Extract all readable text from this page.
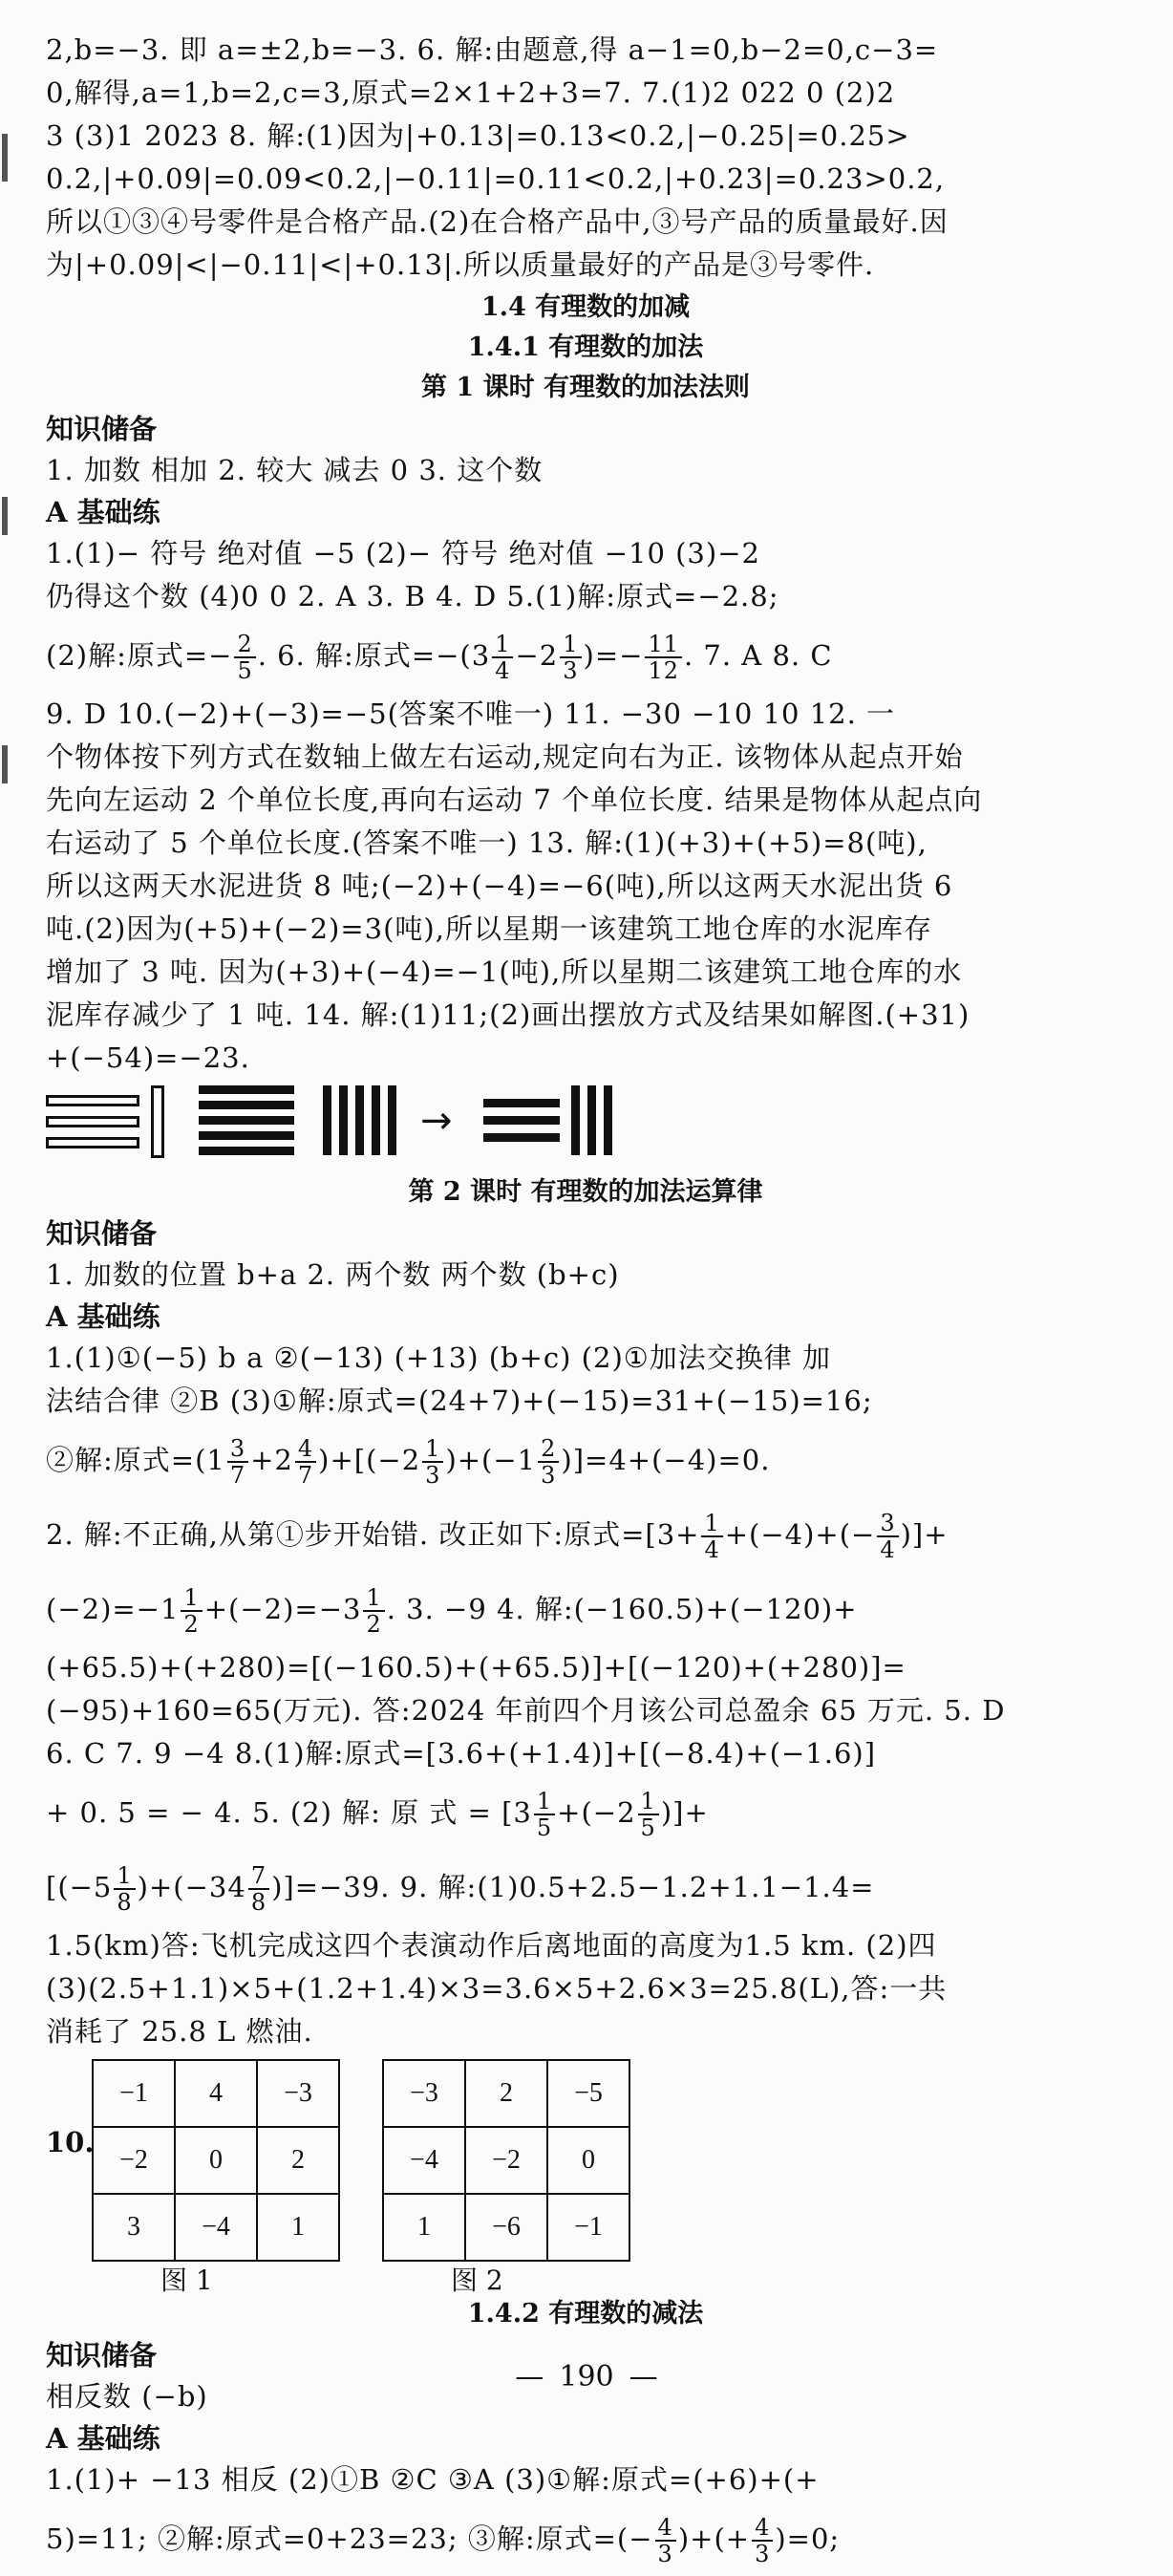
2,b=−3. 即 a=±2,b=−3. 6. 解:由题意,得 a−1=0,b−2=0,c−3=

0,解得,a=1,b=2,c=3,原式=2×1+2+3=7. 7.(1)2 022 0 (2)2

3 (3)1 2023 8. 解:(1)因为|+0.13|=0.13<0.2,|−0.25|=0.25>

0.2,|+0.09|=0.09<0.2,|−0.11|=0.11<0.2,|+0.23|=0.23>0.2,

所以①③④号零件是合格产品.(2)在合格产品中,③号产品的质量最好.因

为|+0.09|<|−0.11|<|+0.13|.所以质量最好的产品是③号零件.

1.4 有理数的加减
1.4.1 有理数的加法
第 1 课时 有理数的加法法则

知识储备

1. 加数 相加 2. 较大 减去 0 3. 这个数

A 基础练

1.(1)− 符号 绝对值 −5 (2)− 符号 绝对值 −10 (3)−2

仍得这个数 (4)0 0 2. A 3. B 4. D 5.(1)解:原式=−2.8;

(2)解:原式=− $\frac{2}{5}$ . 6. 解:原式$=-(3 \frac{1}{4} -2 \frac{1}{3}$ )=− $\frac{11}{12}$ . 7. A 8. C

9. D 10.(−2)+(−3)=−5(答案不唯一) 11. −30 −10 10 12. 一

个物体按下列方式在数轴上做左右运动,规定向右为正. 该物体从起点开始

先向左运动 2 个单位长度,再向右运动 7 个单位长度. 结果是物体从起点向

右运动了 5 个单位长度.(答案不唯一) 13. 解:(1)(+3)+(+5)=8(吨),

所以这两天水泥进货 8 吨;(−2)+(−4)=−6(吨),所以这两天水泥出货 6

吨.(2)因为(+5)+(−2)=3(吨),所以星期一该建筑工地仓库的水泥库存

增加了 3 吨. 因为(+3)+(−4)=−1(吨),所以星期二该建筑工地仓库的水

泥库存减少了 1 吨. 14. 解:(1)11;(2)画出摆放方式及结果如解图.(+31)

+(−54)=−23.

→
第 2 课时 有理数的加法运算律

知识储备

1. 加数的位置 b+a 2. 两个数 两个数 (b+c)

A 基础练

1.(1)①(−5) b a ②(−13) (+13) (b+c) (2)①加法交换律 加

法结合律 ②B (3)①解:原式=(24+7)+(−15)=31+(−15)=16;

②解:原式$=(1 \frac{3}{7} +2 \frac{4}{7} )+[(-2 \frac{1}{3} )+(-1 \frac{2}{3} )]=4+(-4)=0$.

2. 解:不正确,从第①步开始错. 改正如下:原式$=[3+ \frac{1}{4} +(-4)+(- \frac{3}{4}$ )]+

$(-2)=-1 \frac{1}{2} +(-2)=-3 \frac{1}{2}$ . 3. −9 4. 解:(−160.5)+(−120)+

(+65.5)+(+280)=[(−160.5)+(+65.5)]+[(−120)+(+280)]=

(−95)+160=65(万元). 答:2024 年前四个月该公司总盈余 65 万元. 5. D

6. C 7. 9 −4 8.(1)解:原式=[3.6+(+1.4)]+[(−8.4)+(−1.6)]

+ 0. 5 = − 4. 5. (2) 解: 原 式 = [$3 \frac{1}{5} +(-2 \frac{1}{5}$ )]+

$[(-5 \frac{1}{8} )+(-34 \frac{7}{8} )]=-39$. 9. 解:(1)0.5+2.5−1.2+1.1−1.4=

1.5(km)答:飞机完成这四个表演动作后离地面的高度为1.5 km. (2)四

(3)(2.5+1.1)×5+(1.2+1.4)×3=3.6×5+2.6×3=25.8(L),答:一共

消耗了 25.8 L 燃油.

10.
−1	4	−3
−2	0	2
3	−4	1
−3	2	−5
−4	−2	0
1	−6	−1
图 1	图 2
1.4.2 有理数的减法

知识储备

相反数 (−b)

A 基础练

1.(1)+ −13 相反 (2)①B ②C ③A (3)①解:原式=(+6)+(+

5)=11; ②解:原式=0+23=23; ③解:原式=(− $\frac{4}{3}$ )+(+ $\frac{4}{3} )=0$;

— 190 —
